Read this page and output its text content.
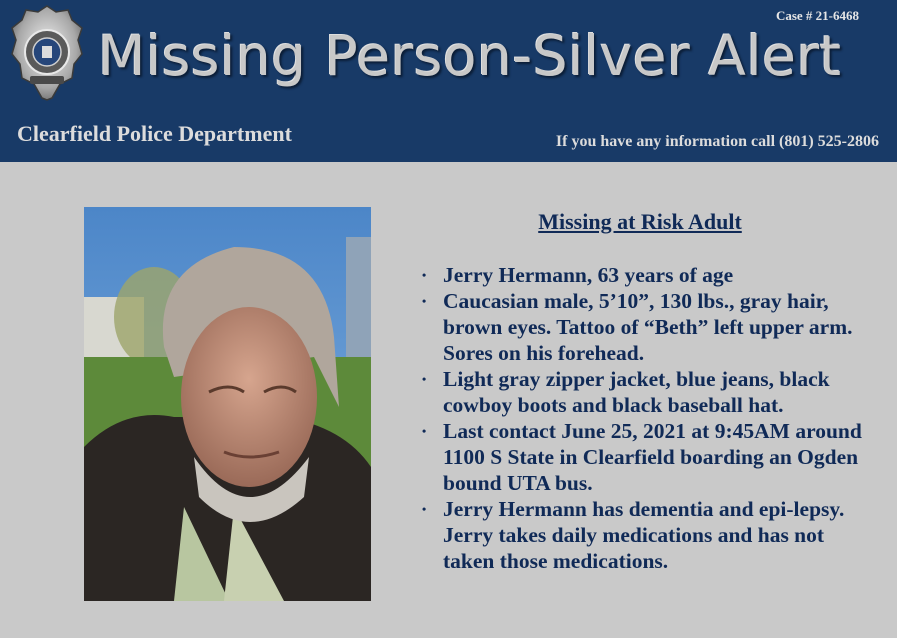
Case # 21-6468
Missing Person-Silver Alert
Clearfield Police Department	If you have any information call (801) 525-2806
Missing at Risk Adult
• Jerry Hermann, 63 years of age
• Caucasian male, 5’10”, 130 lbs., gray hair, brown eyes. Tattoo of “Beth” left upper arm. Sores on his forehead.
• Light gray zipper jacket, blue jeans, black cowboy boots and black baseball hat.
• Last contact June 25, 2021 at 9:45AM around 1100 S State in Clearfield boarding an Ogden bound UTA bus.
• Jerry Hermann has dementia and epi-lepsy. Jerry takes daily medications and has not taken those medications.
